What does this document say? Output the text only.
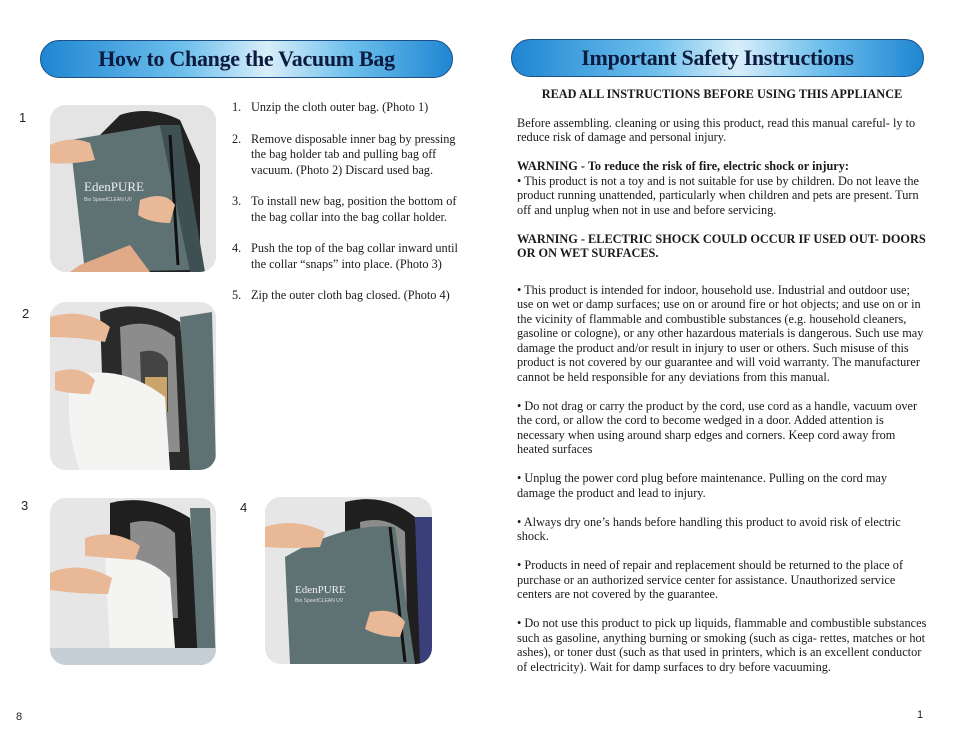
How to Change the Vacuum Bag
1
2
3	4
EdenPURE
Bio SpeedCLEAN UV
EdenPURE
Bio SpeedCLEAN UV
1. Unzip the cloth outer bag. (Photo 1)
2. Remove disposable inner bag by pressing the bag holder tab and pulling bag off vacuum. (Photo 2) Discard used bag.
3. To install new bag, position the bottom of the bag collar into the bag collar holder.
4. Push the top of the bag collar inward until the collar “snaps” into place. (Photo 3)
5. Zip the outer cloth bag closed. (Photo 4)
8
Important Safety Instructions

READ ALL INSTRUCTIONS BEFORE USING THIS APPLIANCE

Before assembling. cleaning or using this product, read this manual careful- ly to reduce risk of damage and personal injury.

WARNING - To reduce the risk of fire, electric shock or injury:

• This product is not a toy and is not suitable for use by children. Do not leave the product running unattended, particularly when children and pets are present. Turn off and unplug when not in use and before servicing.

WARNING - ELECTRIC SHOCK COULD OCCUR IF USED OUT- DOORS OR ON WET SURFACES.

• This product is intended for indoor, household use. Industrial and outdoor use; use on wet or damp surfaces; use on or around fire or hot objects; and use on or in the vicinity of flammable and combustible substances (e.g. household cleaners, gasoline or cologne), or any other hazardous materials is dangerous. Such use may damage the product and/or result in injury to user or others. Such misuse of this product is not covered by our guarantee and will void warranty. The manufacturer cannot be held responsible for any deviations from this manual.

• Do not drag or carry the product by the cord, use cord as a handle, vacuum over the cord, or allow the cord to become wedged in a door. Added attention is necessary when using around sharp edges and corners. Keep cord away from heated surfaces

• Unplug the power cord plug before maintenance. Pulling on the cord may damage the product and lead to injury.

• Always dry one’s hands before handling this product to avoid risk of electric shock.

• Products in need of repair and replacement should be returned to the place of purchase or an authorized service center for assistance. Unauthorized service centers are not covered by the guarantee.

• Do not use this product to pick up liquids, flammable and combustible substances such as gasoline, anything burning or smoking (such as ciga- rettes, matches or hot ashes), or toner dust (such as that used in printers, which is an excellent conductor of electricity). Wait for damp surfaces to dry before vacuuming.

1
